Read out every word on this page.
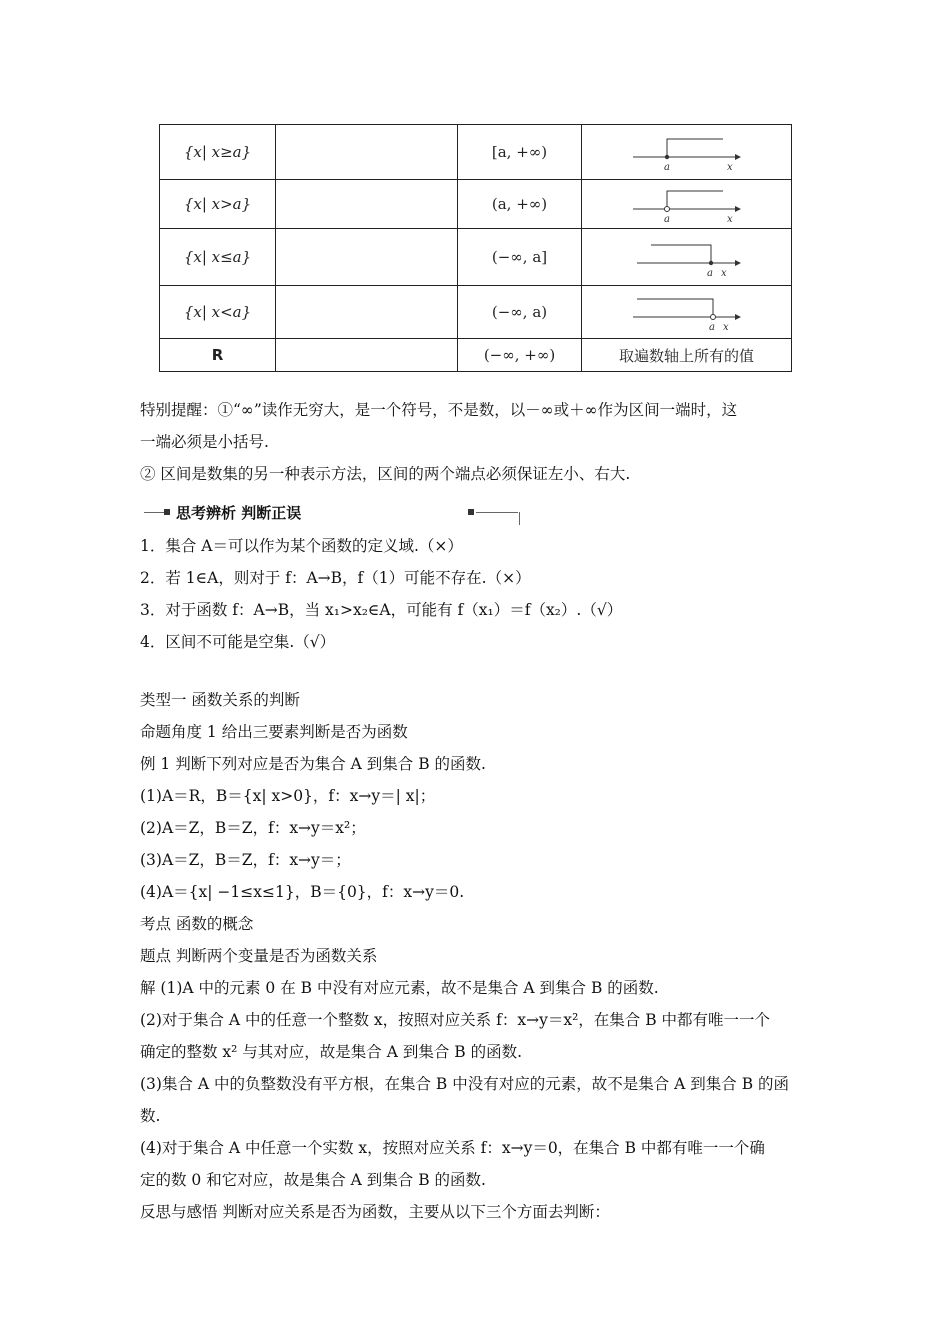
{x| x≥a}		[a, +∞)	a x

{x| x>a}		(a, +∞)	a x

{x| x≤a}		(−∞, a]	a x

{x| x<a}		(−∞, a)	a x

R		(−∞, +∞)	取遍数轴上所有的值
特别提醒：①“∞”读作无穷大，是一个符号，不是数，以－∞或＋∞作为区间一端时，这
一端必须是小括号.
② 区间是数集的另一种表示方法，区间的两个端点必须保证左小、右大.
思考辨析 判断正误
1．集合 A＝可以作为某个函数的定义域.（×）
2．若 1∈A，则对于 f：A→B，f（1）可能不存在.（×）
3．对于函数 f：A→B，当 x₁>x₂∈A，可能有 f（x₁）＝f（x₂）.（√）
4．区间不可能是空集.（√）
类型一 函数关系的判断
命题角度 1 给出三要素判断是否为函数
例 1 判断下列对应是否为集合 A 到集合 B 的函数.
(1)A＝R，B＝{x| x>0}，f：x→y＝| x|；
(2)A＝Z，B＝Z，f：x→y＝x²；
(3)A＝Z，B＝Z，f：x→y＝；
(4)A＝{x| −1≤x≤1}，B＝{0}，f：x→y＝0.
考点 函数的概念
题点 判断两个变量是否为函数关系
解 (1)A 中的元素 0 在 B 中没有对应元素，故不是集合 A 到集合 B 的函数.
(2)对于集合 A 中的任意一个整数 x，按照对应关系 f：x→y＝x²，在集合 B 中都有唯一一个
确定的整数 x² 与其对应，故是集合 A 到集合 B 的函数.
(3)集合 A 中的负整数没有平方根，在集合 B 中没有对应的元素，故不是集合 A 到集合 B 的函
数.
(4)对于集合 A 中任意一个实数 x，按照对应关系 f：x→y＝0，在集合 B 中都有唯一一个确
定的数 0 和它对应，故是集合 A 到集合 B 的函数.
反思与感悟 判断对应关系是否为函数，主要从以下三个方面去判断：
